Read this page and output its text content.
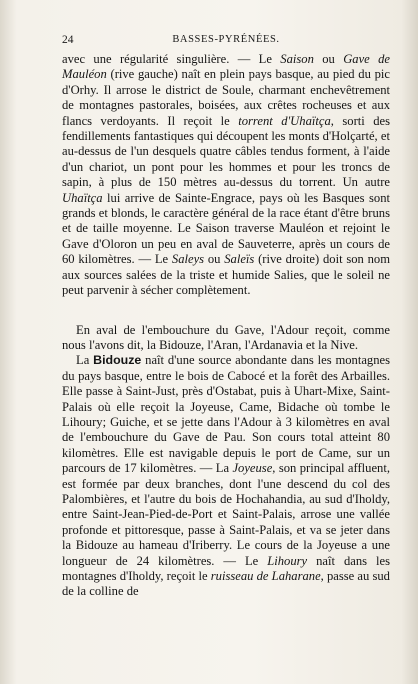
24	BASSES-PYRÉNÉES.

avec une régularité singulière. — Le Saison ou Gave de Mauléon (rive gauche) naît en plein pays basque, au pied du pic d'Orhy. Il arrose le district de Soule, charmant enchevêtrement de montagnes pastorales, boisées, aux crêtes rocheuses et aux flancs verdoyants. Il reçoit le torrent d'Uhaïtça, sorti des fendillements fantastiques qui découpent les monts d'Holçarté, et au-dessus de l'un desquels quatre câbles tendus forment, à l'aide d'un chariot, un pont pour les hommes et pour les troncs de sapin, à plus de 150 mètres au-dessus du torrent. Un autre Uhaïtça lui arrive de Sainte-Engrace, pays où les Basques sont grands et blonds, le caractère général de la race étant d'être bruns et de taille moyenne. Le Saison traverse Mauléon et rejoint le Gave d'Oloron un peu en aval de Sauveterre, après un cours de 60 kilomètres. — Le Saleys ou Saleïs (rive droite) doit son nom aux sources salées de la triste et humide Salies, que le soleil ne peut parvenir à sécher complètement.

En aval de l'embouchure du Gave, l'Adour reçoit, comme nous l'avons dit, la Bidouze, l'Aran, l'Ardanavia et la Nive.

La Bidouze naît d'une source abondante dans les montagnes du pays basque, entre le bois de Cabocé et la forêt des Arbailles. Elle passe à Saint-Just, près d'Ostabat, puis à Uhart-Mixe, Saint-Palais où elle reçoit la Joyeuse, Came, Bidache où tombe le Lihoury; Guiche, et se jette dans l'Adour à 3 kilomètres en aval de l'embouchure du Gave de Pau. Son cours total atteint 80 kilomètres. Elle est navigable depuis le port de Came, sur un parcours de 17 kilomètres. — La Joyeuse, son principal affluent, est formée par deux branches, dont l'une descend du col des Palombières, et l'autre du bois de Hochahandia, au sud d'Iholdy, entre Saint-Jean-Pied-de-Port et Saint-Palais, arrose une vallée profonde et pittoresque, passe à Saint-Palais, et va se jeter dans la Bidouze au hameau d'Iriberry. Le cours de la Joyeuse a une longueur de 24 kilomètres. — Le Lihoury naît dans les montagnes d'Iholdy, reçoit le ruisseau de Laharane, passe au sud de la colline de
